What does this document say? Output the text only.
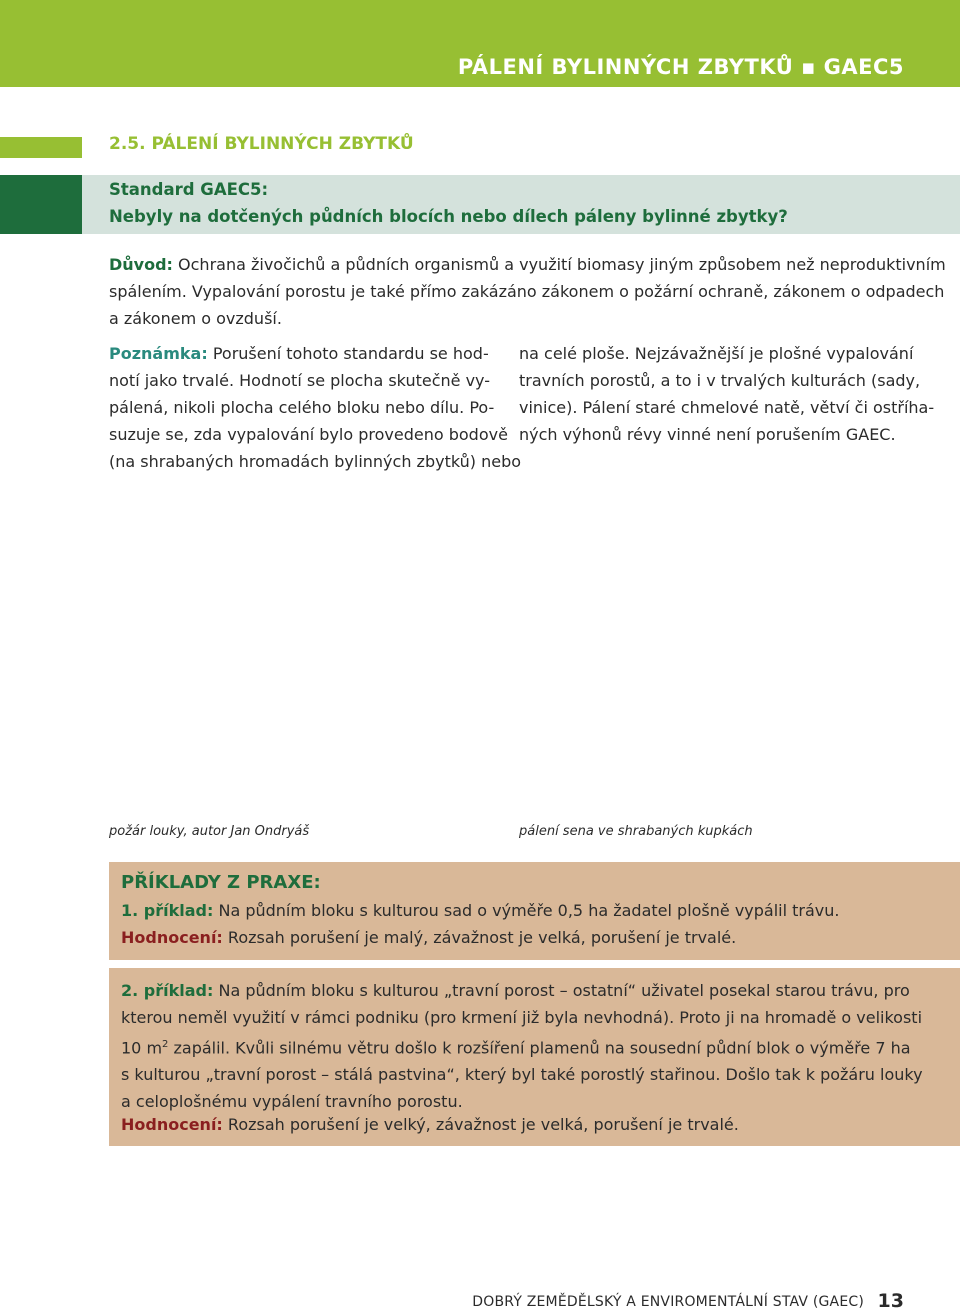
PÁLENÍ BYLINNÝCH ZBYTKŮ ▪ GAEC5
2.5. PÁLENÍ BYLINNÝCH ZBYTKŮ
Standard GAEC5:
Nebyly na dotčených půdních blocích nebo dílech páleny bylinné zbytky?
Důvod: Ochrana živočichů a půdních organismů a využití biomasy jiným způsobem než neproduktivním
spálením. Vypalování porostu je také přímo zakázáno zákonem o požární ochraně, zákonem o odpadech
a zákonem o ovzduší.
Poznámka: Porušení tohoto standardu se hod-
notí jako trvalé. Hodnotí se plocha skutečně vy-
pálená, nikoli plocha celého bloku nebo dílu. Po-
suzuje se, zda vypalování bylo provedeno bodově
(na shrabaných hromadách bylinných zbytků) nebo
na celé ploše. Nejzávažnější je plošné vypalování
travních porostů, a to i v trvalých kulturách (sady,
vinice). Pálení staré chmelové natě, větví či ostříha-
ných výhonů révy vinné není porušením GAEC.
požár louky, autor Jan Ondryáš	pálení sena ve shrabaných kupkách
PŘÍKLADY Z PRAXE:
1. příklad: Na půdním bloku s kulturou sad o výměře 0,5 ha žadatel plošně vypálil trávu.
Hodnocení: Rozsah porušení je malý, závažnost je velká, porušení je trvalé.
2. příklad: Na půdním bloku s kulturou „travní porost – ostatní“ uživatel posekal starou trávu, pro
kterou neměl využití v rámci podniku (pro krmení již byla nevhodná). Proto ji na hromadě o velikosti
10 $m^2$ zapálil. Kvůli silnému větru došlo k rozšíření plamenů na sousední půdní blok o výměře 7 ha
s kulturou „travní porost – stálá pastvina“, který byl také porostlý stařinou. Došlo tak k požáru louky
a celoplošnému vypálení travního porostu.
Hodnocení: Rozsah porušení je velký, závažnost je velká, porušení je trvalé.
DOBRÝ ZEMĚDĚLSKÝ A ENVIROMENTÁLNÍ STAV (GAEC) 13
